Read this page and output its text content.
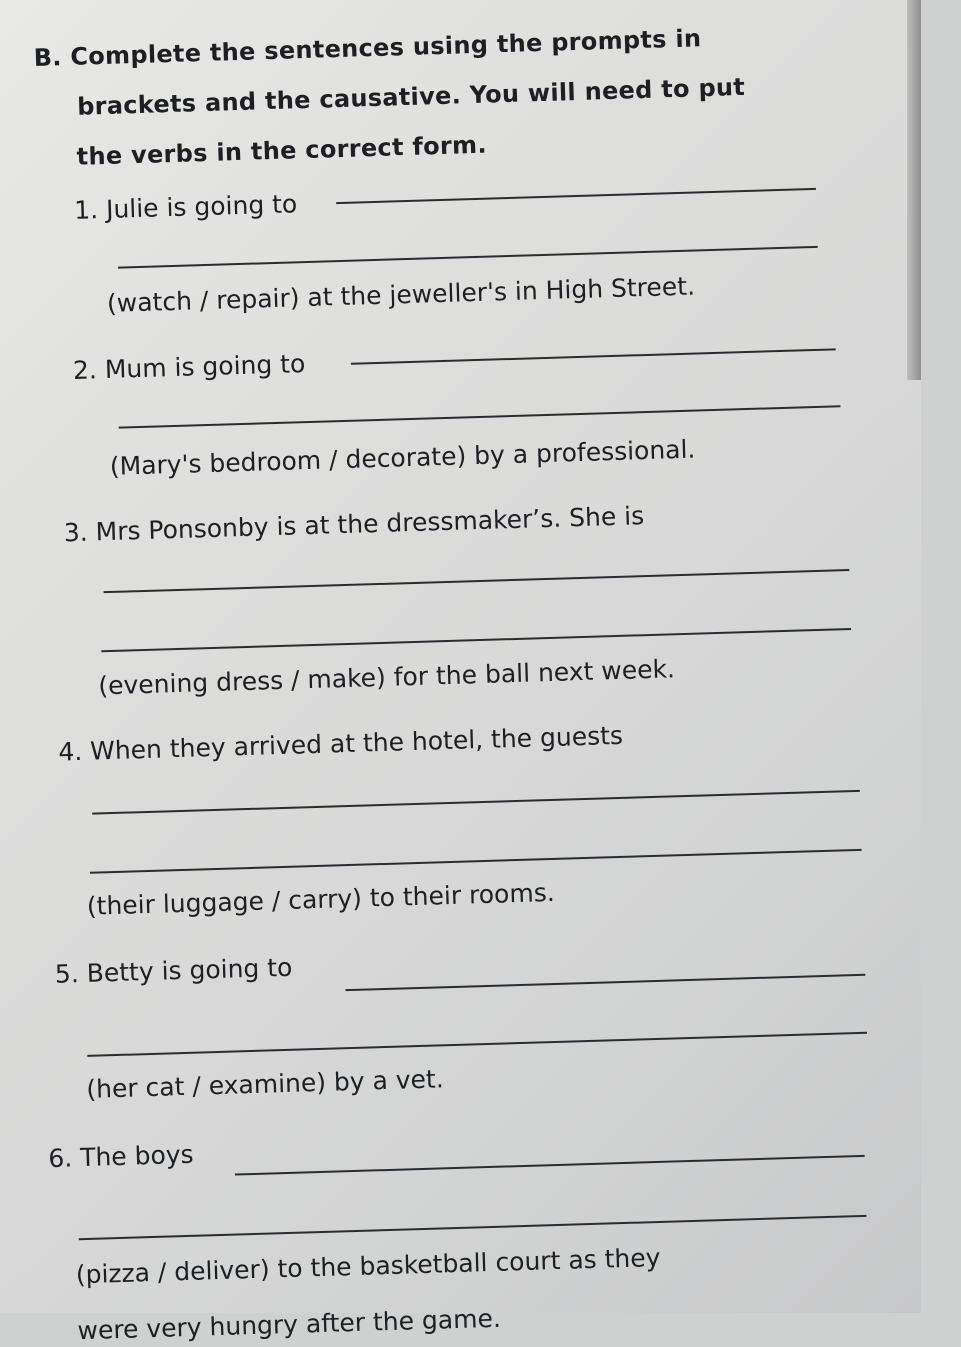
B. Complete the sentences using the prompts in
brackets and the causative. You will need to put
the verbs in the correct form.
1. Julie is going to
(watch / repair) at the jeweller's in High Street.
2. Mum is going to
(Mary's bedroom / decorate) by a professional.
3. Mrs Ponsonby is at the dressmaker’s. She is
(evening dress / make) for the ball next week.
4. When they arrived at the hotel, the guests
(their luggage / carry) to their rooms.
5. Betty is going to
(her cat / examine) by a vet.
6. The boys
(pizza / deliver) to the basketball court as they
were very hungry after the game.
